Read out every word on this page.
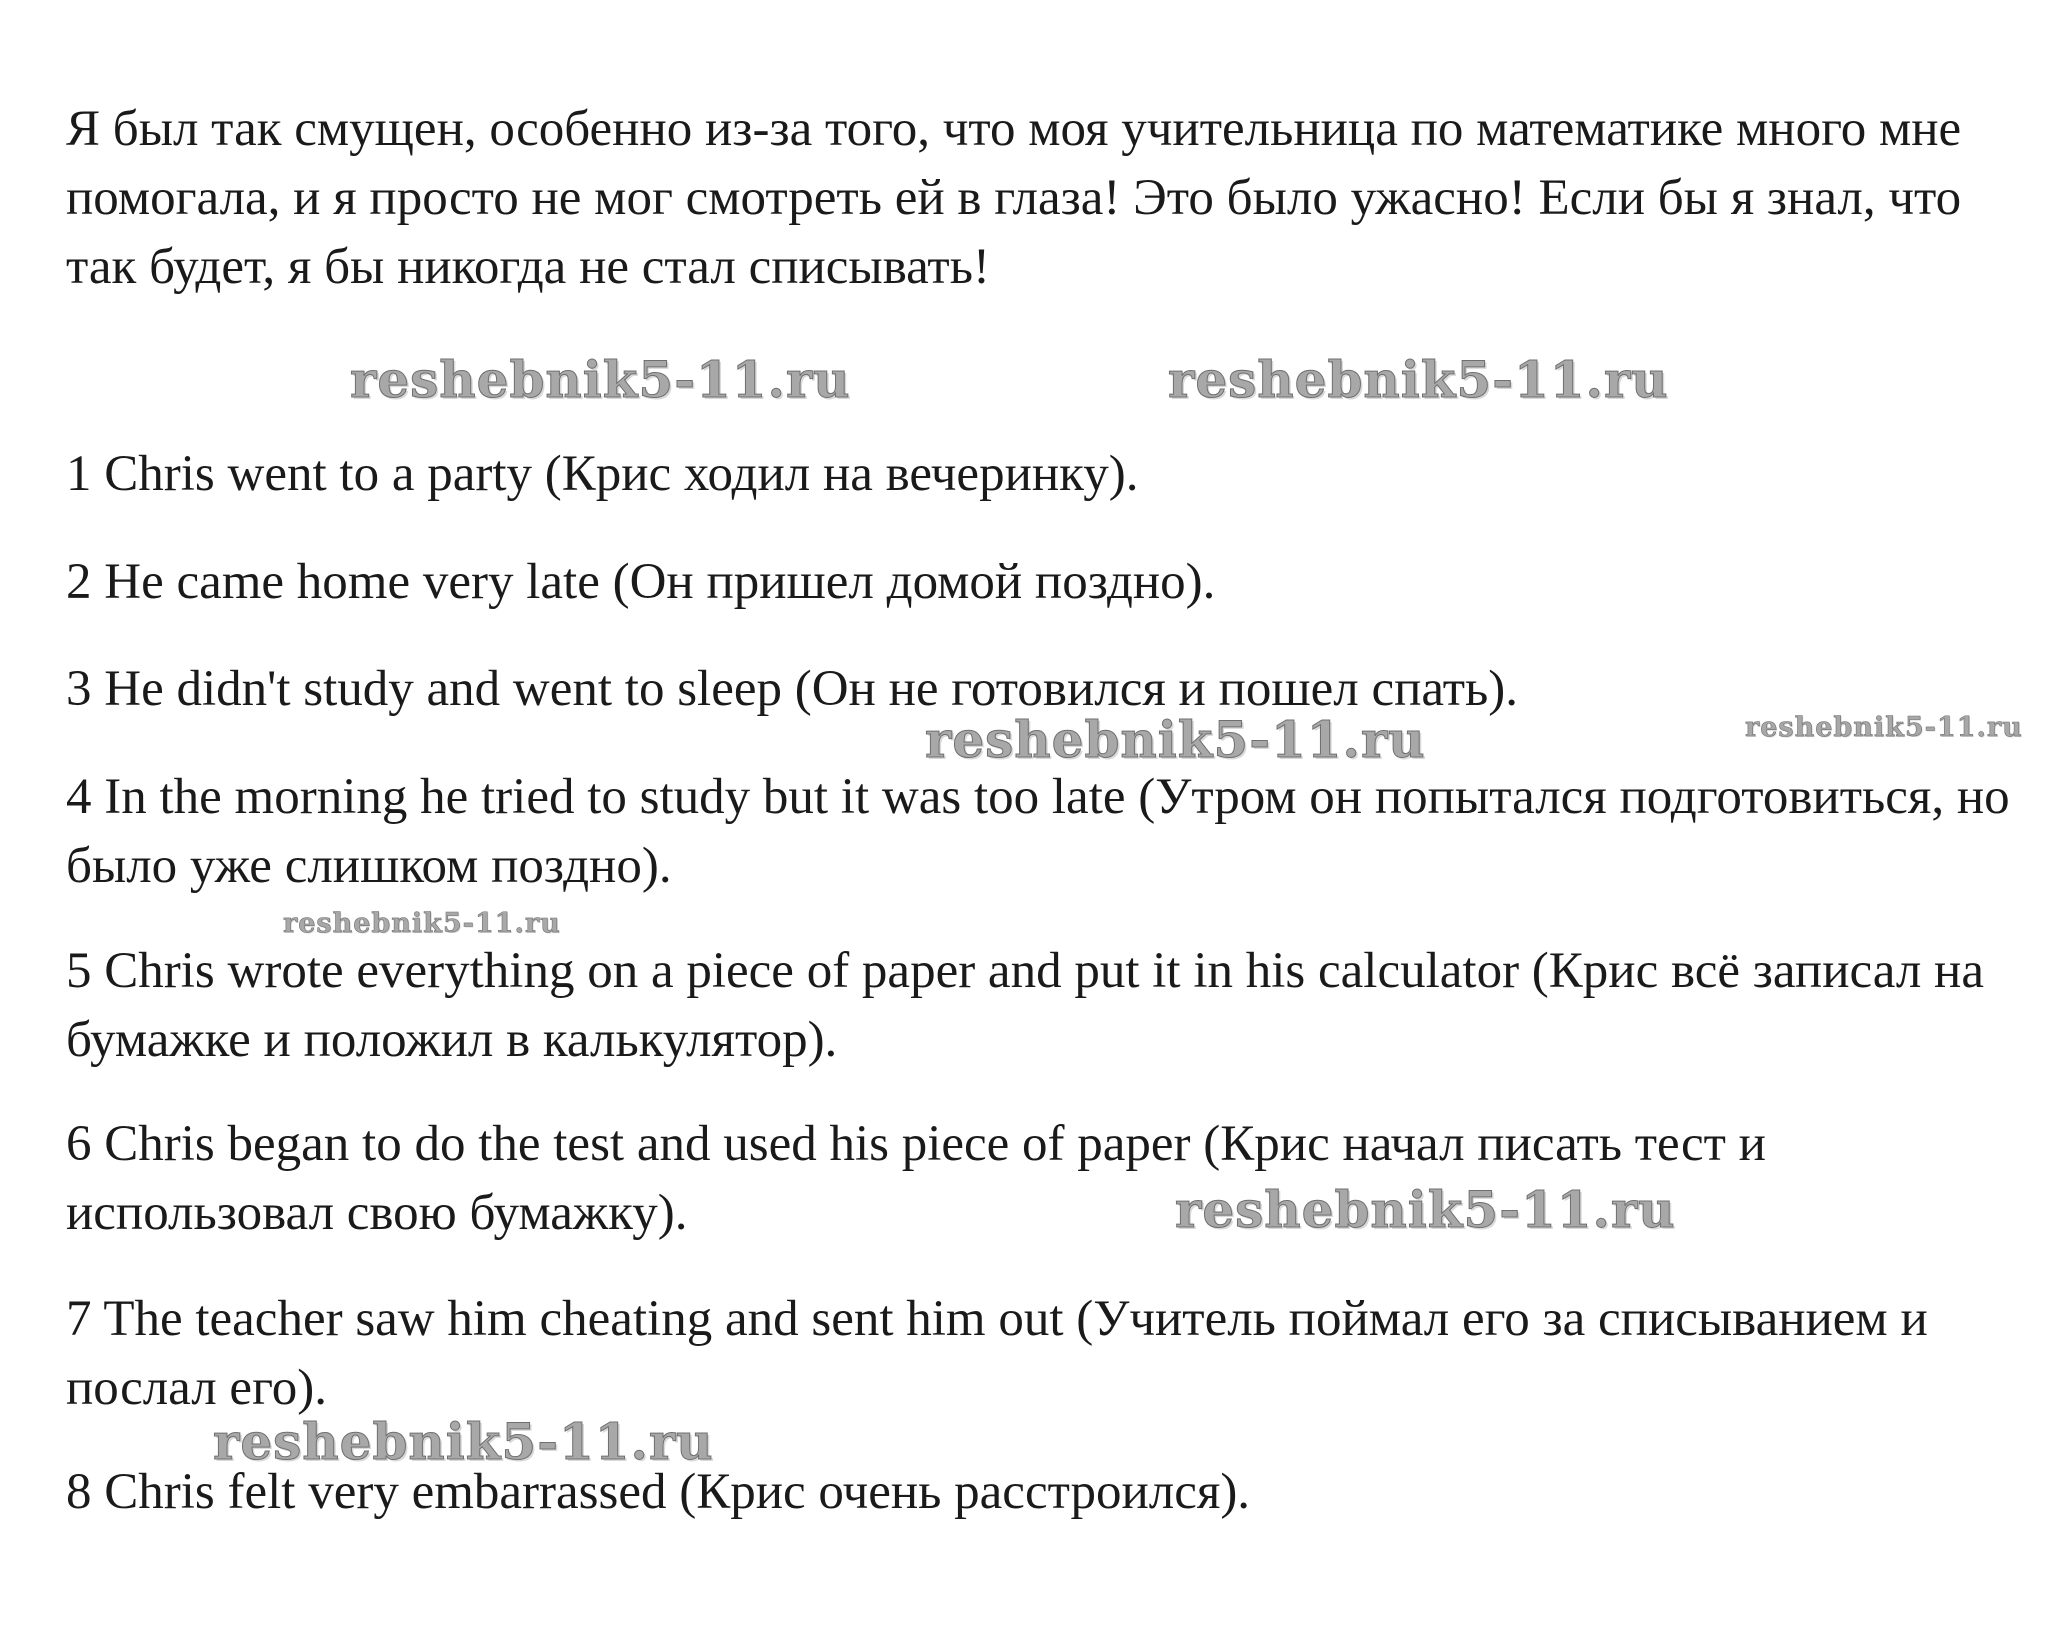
Я был так смущен, особенно из-за того, что моя учительница по математике много мне помогала, и я просто не мог смотреть ей в глаза! Это было ужасно! Если бы я знал, что так будет, я бы никогда не стал списывать!

1 Chris went to a party (Крис ходил на вечеринку).

2 He came home very late (Он пришел домой поздно).

3 He didn't study and went to sleep (Он не готовился и пошел спать).

4 In the morning he tried to study but it was too late (Утром он попытался подготовиться, но было уже слишком поздно).

5 Chris wrote everything on a piece of paper and put it in his calculator (Крис всё записал на бумажке и положил в калькулятор).

6 Chris began to do the test and used his piece of paper (Крис начал писать тест и использовал свою бумажку).

7 The teacher saw him cheating and sent him out (Учитель поймал его за списыванием и послал его).

8 Chris felt very embarrassed (Крис очень расстроился).

reshebnik5-11.ru	reshebnik5-11.ru
reshebnik5-11.ru	reshebnik5-11.ru
reshebnik5-11.ru
reshebnik5-11.ru
reshebnik5-11.ru
